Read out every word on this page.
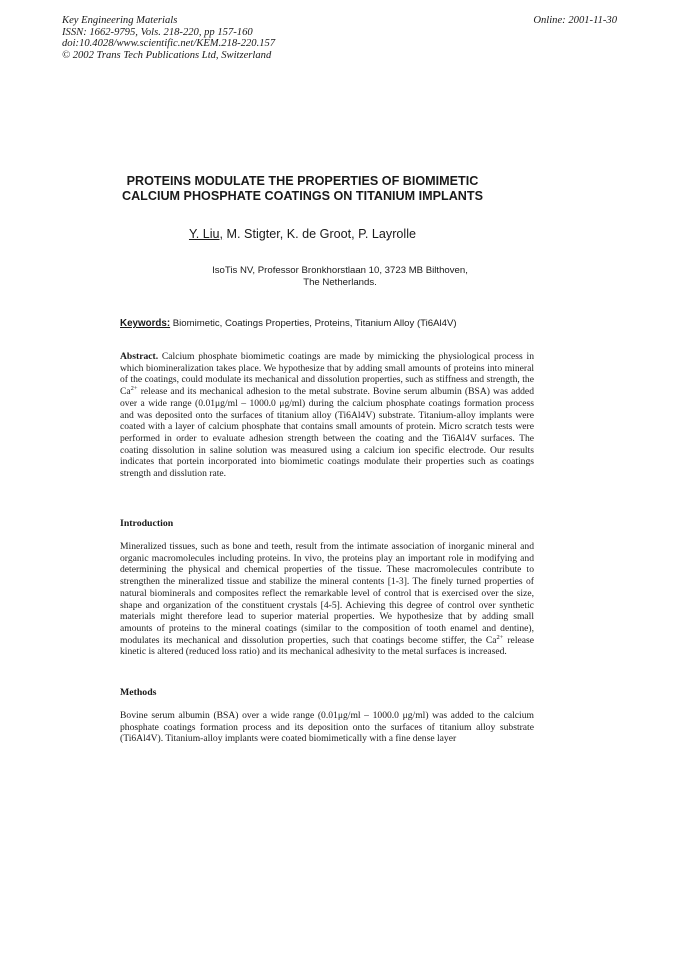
Key Engineering Materials
ISSN: 1662-9795, Vols. 218-220, pp 157-160
doi:10.4028/www.scientific.net/KEM.218-220.157
© 2002 Trans Tech Publications Ltd, Switzerland
Online: 2001-11-30
PROTEINS MODULATE THE PROPERTIES OF BIOMIMETIC
CALCIUM PHOSPHATE COATINGS ON TITANIUM IMPLANTS
Y. Liu, M. Stigter, K. de Groot, P. Layrolle
IsoTis NV, Professor Bronkhorstlaan 10, 3723 MB Bilthoven,
The Netherlands.
Keywords: Biomimetic, Coatings Properties, Proteins, Titanium Alloy (Ti6Al4V)
Abstract. Calcium phosphate biomimetic coatings are made by mimicking the physiological process in which biomineralization takes place. We hypothesize that by adding small amounts of proteins into mineral of the coatings, could modulate its mechanical and dissolution properties, such as stiffness and strength, the $Ca^{2+}$ release and its mechanical adhesion to the metal substrate. Bovine serum albumin (BSA) was added over a wide range (0.01μg/ml – 1000.0 μg/ml) during the calcium phosphate coatings formation process and was deposited onto the surfaces of titanium alloy (Ti6Al4V) substrate. Titanium-alloy implants were coated with a layer of calcium phosphate that contains small amounts of protein. Micro scratch tests were performed in order to evaluate adhesion strength between the coating and the Ti6Al4V surfaces. The coating dissolution in saline solution was measured using a calcium ion specific electrode. Our results indicates that portein incorporated into biomimetic coatings modulate their properties such as coatings strength and disslution rate.
Introduction
Mineralized tissues, such as bone and teeth, result from the intimate association of inorganic mineral and organic macromolecules including proteins. In vivo, the proteins play an important role in modifying and determining the physical and chemical properties of the tissue. These macromolecules contribute to strengthen the mineralized tissue and stabilize the mineral contents [1-3]. The finely turned properties of natural biominerals and composites reflect the remarkable level of control that is exercised over the size, shape and organization of the constituent crystals [4-5]. Achieving this degree of control over synthetic materials might therefore lead to superior material properties. We hypothesize that by adding small amounts of proteins to the mineral coatings (similar to the composition of tooth enamel and dentine), modulates its mechanical and dissolution properties, such that coatings become stiffer, the $Ca^{2+}$ release kinetic is altered (reduced loss ratio) and its mechanical adhesivity to the metal surfaces is increased.
Methods
Bovine serum albumin (BSA) over a wide range (0.01μg/ml – 1000.0 μg/ml) was added to the calcium phosphate coatings formation process and its deposition onto the surfaces of titanium alloy substrate (Ti6Al4V). Titanium-alloy implants were coated biomimetically with a fine dense layer
